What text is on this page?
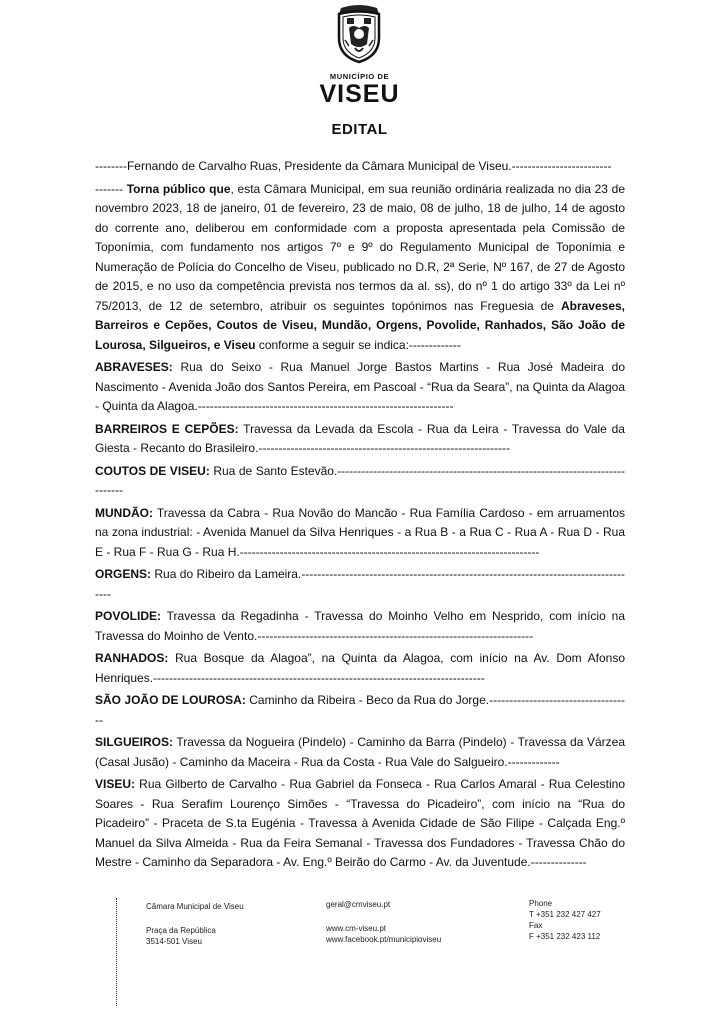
MUNICÍPIO DE
VISEU
EDITAL

--------Fernando de Carvalho Ruas, Presidente da Câmara Municipal de Viseu.-------------------------

------- Torna público que, esta Câmara Municipal, em sua reunião ordinária realizada no dia 23 de novembro 2023, 18 de janeiro, 01 de fevereiro, 23 de maio, 08 de julho, 18 de julho, 14 de agosto do corrente ano, deliberou em conformidade com a proposta apresentada pela Comissão de Toponímia, com fundamento nos artigos 7º e 9º do Regulamento Municipal de Toponímia e Numeração de Polícia do Concelho de Viseu, publicado no D.R, 2ª Serie, Nº 167, de 27 de Agosto de 2015, e no uso da competência prevista nos termos da al. ss), do nº 1 do artigo 33º da Lei nº 75/2013, de 12 de setembro, atribuir os seguintes topónimos nas Freguesia de Abraveses, Barreiros e Cepões, Coutos de Viseu, Mundão, Orgens, Povolide, Ranhados, São João de Lourosa, Silgueiros, e Viseu conforme a seguir se indica:-------------

ABRAVESES: Rua do Seixo - Rua Manuel Jorge Bastos Martins - Rua José Madeira do Nascimento - Avenida João dos Santos Pereira, em Pascoal - “Rua da Seara”, na Quinta da Alagoa - Quinta da Alagoa.----------------------------------------------------------------

BARREIROS E CEPÕES: Travessa da Levada da Escola - Rua da Leira - Travessa do Vale da Giesta - Recanto do Brasileiro.---------------------------------------------------------------

COUTOS DE VISEU: Rua de Santo Estevão.-------------------------------------------------------------------------------

MUNDÃO: Travessa da Cabra - Rua Novão do Mancão - Rua Família Cardoso - em arruamentos na zona industrial: - Avenida Manuel da Silva Henriques - a Rua B - a Rua C - Rua A - Rua D - Rua E - Rua F - Rua G - Rua H.---------------------------------------------------------------------------

ORGENS: Rua do Ribeiro da Lameira.-------------------------------------------------------------------------------------

POVOLIDE: Travessa da Regadinha - Travessa do Moinho Velho em Nesprido, com início na Travessa do Moinho de Vento.---------------------------------------------------------------------

RANHADOS: Rua Bosque da Alagoa”, na Quinta da Alagoa, com início na Av. Dom Afonso Henriques.-----------------------------------------------------------------------------------

SÃO JOÃO DE LOUROSA: Caminho da Ribeira - Beco da Rua do Jorge.------------------------------------

SILGUEIROS: Travessa da Nogueira (Pindelo) - Caminho da Barra (Pindelo) - Travessa da Várzea (Casal Jusão) - Caminho da Maceira - Rua da Costa - Rua Vale do Salgueiro.-------------

VISEU: Rua Gilberto de Carvalho - Rua Gabriel da Fonseca - Rua Carlos Amaral - Rua Celestino Soares - Rua Serafim Lourenço Simões - “Travessa do Picadeiro”, com início na “Rua do Picadeiro” - Praceta de S.ta Eugénia - Travessa à Avenida Cidade de São Filipe - Calçada Eng.º Manuel da Silva Almeida - Rua da Feira Semanal - Travessa dos Fundadores - Travessa Chão do Mestre - Caminho da Separadora - Av. Eng.º Beirão do Carmo - Av. da Juventude.--------------

Câmara Municipal de Viseu
Praça da República
3514-501 Viseu
geral@cmviseu.pt
www.cm-viseu.pt
www.facebook.pt/municipioviseu
Phone
T +351 232 427 427
Fax
F +351 232 423 112
